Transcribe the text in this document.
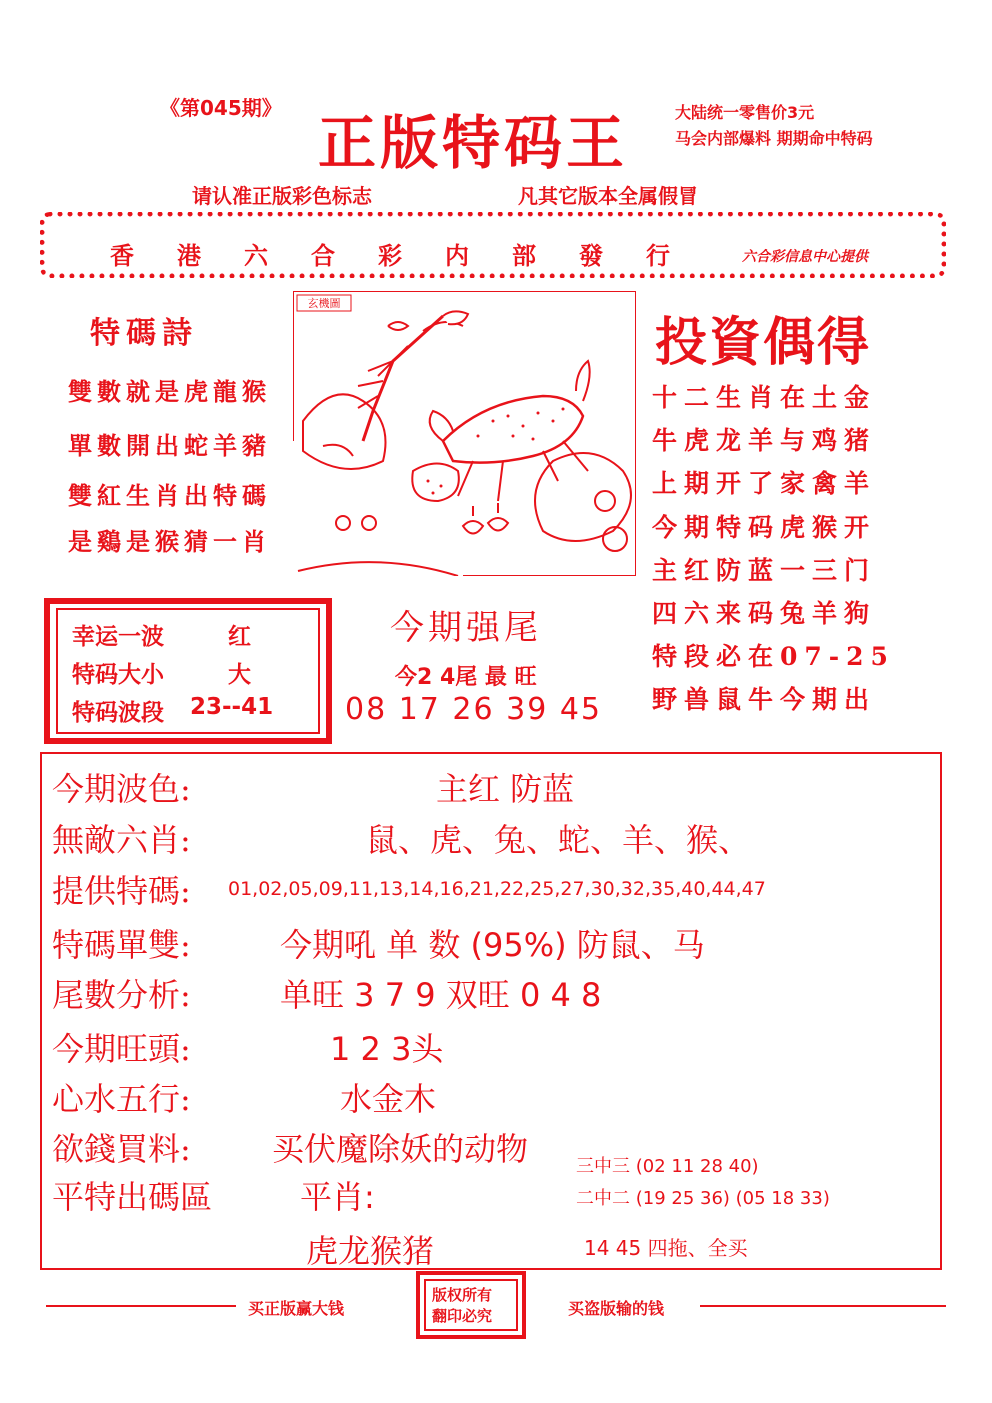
《第045期》
正版特码王	大陆统一零售价3元
马会内部爆料 期期命中特码
请认准正版彩色标志	凡其它版本全属假冒
香港六合彩内部發行 六合彩信息中心提供
特碼詩
雙數就是虎龍猴
單數開出蛇羊豬
雙紅生肖出特碼
是鷄是猴猜一肖
玄機圖
投資偶得
十二生肖在土金
牛虎龙羊与鸡猪
上期开了家禽羊
今期特码虎猴开
主红防蓝一三门
四六来码兔羊狗
特段必在07-25
野兽鼠牛今期出
幸运一波	红
特码大小	大
特码波段 23--41
今期强尾
今2 4尾 最 旺
08 17 26 39 45
今期波色:	主红 防蓝
無敵六肖:	鼠、虎、兔、蛇、羊、猴、
提供特碼: 01,02,05,09,11,13,14,16,21,22,25,27,30,32,35,40,44,47
特碼單雙:	今期吼 单 数 (95%) 防鼠、马
尾數分析:	单旺 3 7 9 双旺 0 4 8
今期旺頭:	1 2 3头
心水五行:	水金木
欲錢買料:	买伏魔除妖的动物
平特出碼區	平肖:
虎龙猴猪
三中三 (02 11 28 40)
二中二 (19 25 36) (05 18 33)
14 45 四拖、全买
买正版赢大钱
版权所有
翻印必究	买盗版输的钱
